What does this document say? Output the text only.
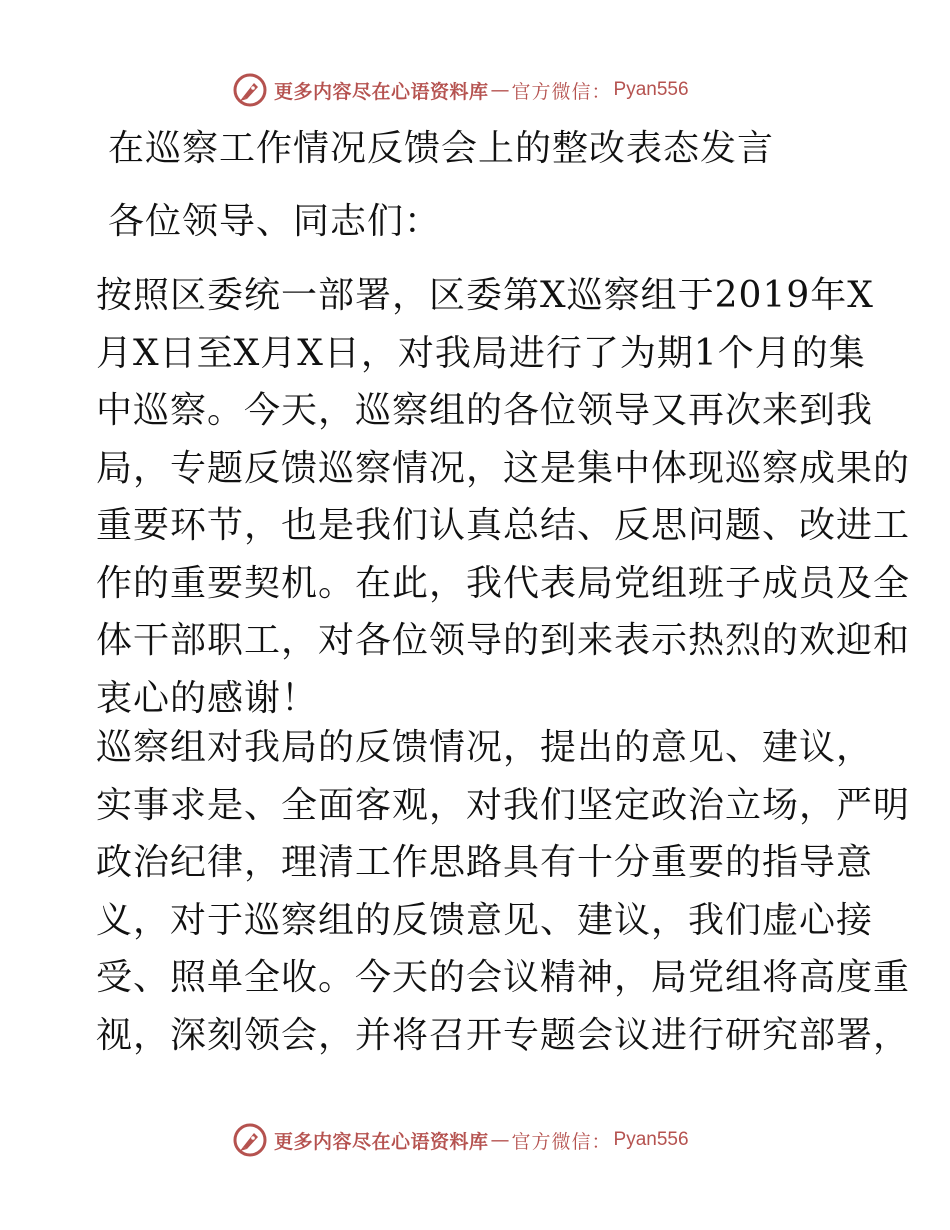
更多内容尽在心语资料库 — 官方微信： Pyan556
在巡察工作情况反馈会上的整改表态发言
各位领导、同志们：
按照区委统一部署，区委第X巡察组于2019年X
月X日至X月X日，对我局进行了为期1个月的集
中巡察。今天，巡察组的各位领导又再次来到我
局，专题反馈巡察情况，这是集中体现巡察成果的
重要环节，也是我们认真总结、反思问题、改进工
作的重要契机。在此，我代表局党组班子成员及全
体干部职工，对各位领导的到来表示热烈的欢迎和
衷心的感谢！
巡察组对我局的反馈情况，提出的意见、建议，
实事求是、全面客观，对我们坚定政治立场，严明
政治纪律，理清工作思路具有十分重要的指导意
义，对于巡察组的反馈意见、建议，我们虚心接
受、照单全收。今天的会议精神，局党组将高度重
视，深刻领会，并将召开专题会议进行研究部署，
更多内容尽在心语资料库 — 官方微信： Pyan556
